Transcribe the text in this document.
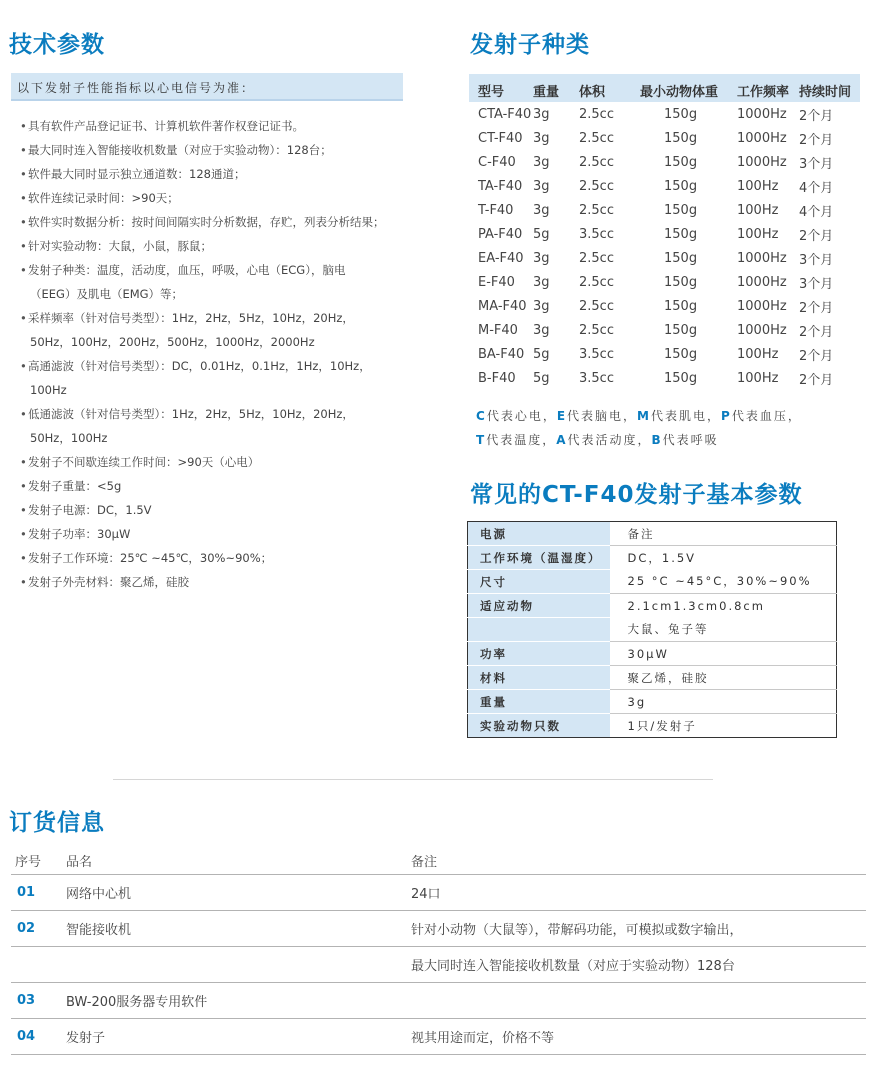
技术参数
以下发射子性能指标以心电信号为准：
• 具有软件产品登记证书、计算机软件著作权登记证书。
• 最大同时连入智能接收机数量（对应于实验动物）：128台；
• 软件最大同时显示独立通道数：128通道；
• 软件连续记录时间：>90天；
• 软件实时数据分析：按时间间隔实时分析数据，存贮，列表分析结果；
• 针对实验动物：大鼠，小鼠，豚鼠；
• 发射子种类：温度，活动度，血压，呼吸，心电（ECG），脑电
（EEG）及肌电（EMG）等；
• 采样频率（针对信号类型）：1Hz，2Hz，5Hz，10Hz，20Hz，
50Hz，100Hz，200Hz，500Hz，1000Hz，2000Hz
• 高通滤波（针对信号类型）：DC，0.01Hz，0.1Hz，1Hz，10Hz，
100Hz
• 低通滤波（针对信号类型）：1Hz，2Hz，5Hz，10Hz，20Hz，
50Hz，100Hz
• 发射子不间歇连续工作时间：>90天（心电）
• 发射子重量：<5g
• 发射子电源：DC，1.5V
• 发射子功率：30μW
• 发射子工作环境：25℃ ~45℃，30%~90%；
• 发射子外壳材料：聚乙烯，硅胶
发射子种类
型号	重量	体积	最小动物体重	工作频率	持续时间
CTA-F40	3g	2.5cc	150g	1000Hz	2个月
CT-F40	3g	2.5cc	150g	1000Hz	2个月
C-F40	3g	2.5cc	150g	1000Hz	3个月
TA-F40	3g	2.5cc	150g	100Hz	4个月
T-F40	3g	2.5cc	150g	100Hz	4个月
PA-F40	5g	3.5cc	150g	100Hz	2个月
EA-F40	3g	2.5cc	150g	1000Hz	3个月
E-F40	3g	2.5cc	150g	1000Hz	3个月
MA-F40	3g	2.5cc	150g	1000Hz	2个月
M-F40	3g	2.5cc	150g	1000Hz	2个月
BA-F40	5g	3.5cc	150g	100Hz	2个月
B-F40	5g	3.5cc	150g	100Hz	2个月
C 代表心电，E 代表脑电，M 代表肌电，P 代表血压，
T 代表温度，A 代表活动度，B 代表呼吸
常见的CT-F40发射子基本参数
电源	备注
工作环境（温湿度）	DC，1.5V
尺寸	25 °C ~45°C，30%~90%
适应动物	2.1cm1.3cm0.8cm
	大鼠、兔子等
功率	30μW
材料	聚乙烯，硅胶
重量	3g
实验动物只数	1只/发射子
订货信息
序号	品名	备注
01	网络中心机	24口
02	智能接收机	针对小动物（大鼠等），带解码功能，可模拟或数字输出，
		最大同时连入智能接收机数量（对应于实验动物）128台
03	BW-200服务器专用软件	
04	发射子	视其用途而定，价格不等
